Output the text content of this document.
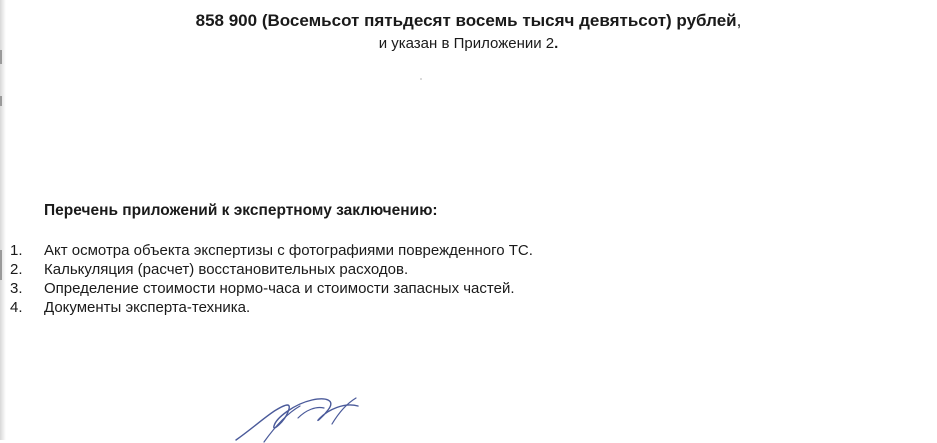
858 900 (Восемьсот пятьдесят восемь тысяч девятьсот) рублей,
и указан в Приложении 2.
Перечень приложений к экспертному заключению:
1.	Акт осмотра объекта экспертизы с фотографиями поврежденного ТС.
2.	Калькуляция (расчет) восстановительных расходов.
3.	Определение стоимости нормо-часа и стоимости запасных частей.
4.	Документы эксперта-техника.
